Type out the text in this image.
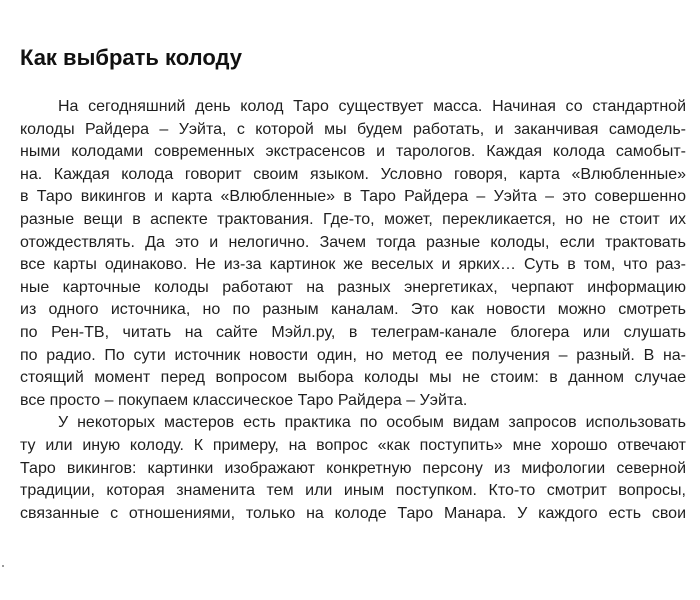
Как выбрать колоду
На сегодняшний день колод Таро существует масса. Начиная со стандартной
колоды Райдера – Уэйта, с которой мы будем работать, и заканчивая самодель-
ными колодами современных экстрасенсов и тарологов. Каждая колода самобыт-
на. Каждая колода говорит своим языком. Условно говоря, карта «Влюбленные»
в Таро викингов и карта «Влюбленные» в Таро Райдера – Уэйта – это совершенно
разные вещи в аспекте трактования. Где-то, может, перекликается, но не стоит их
отождествлять. Да это и нелогично. Зачем тогда разные колоды, если трактовать
все карты одинаково. Не из-за картинок же веселых и ярких… Суть в том, что раз-
ные карточные колоды работают на разных энергетиках, черпают информацию
из одного источника, но по разным каналам. Это как новости можно смотреть
по Рен-ТВ, читать на сайте Мэйл.ру, в телеграм-канале блогера или слушать
по радио. По сути источник новости один, но метод ее получения – разный. В на-
стоящий момент перед вопросом выбора колоды мы не стоим: в данном случае
все просто – покупаем классическое Таро Райдера – Уэйта.
У некоторых мастеров есть практика по особым видам запросов использовать
ту или иную колоду. К примеру, на вопрос «как поступить» мне хорошо отвечают
Таро викингов: картинки изображают конкретную персону из мифологии северной
традиции, которая знаменита тем или иным поступком. Кто-то смотрит вопросы,
связанные с отношениями, только на колоде Таро Манара. У каждого есть свои
